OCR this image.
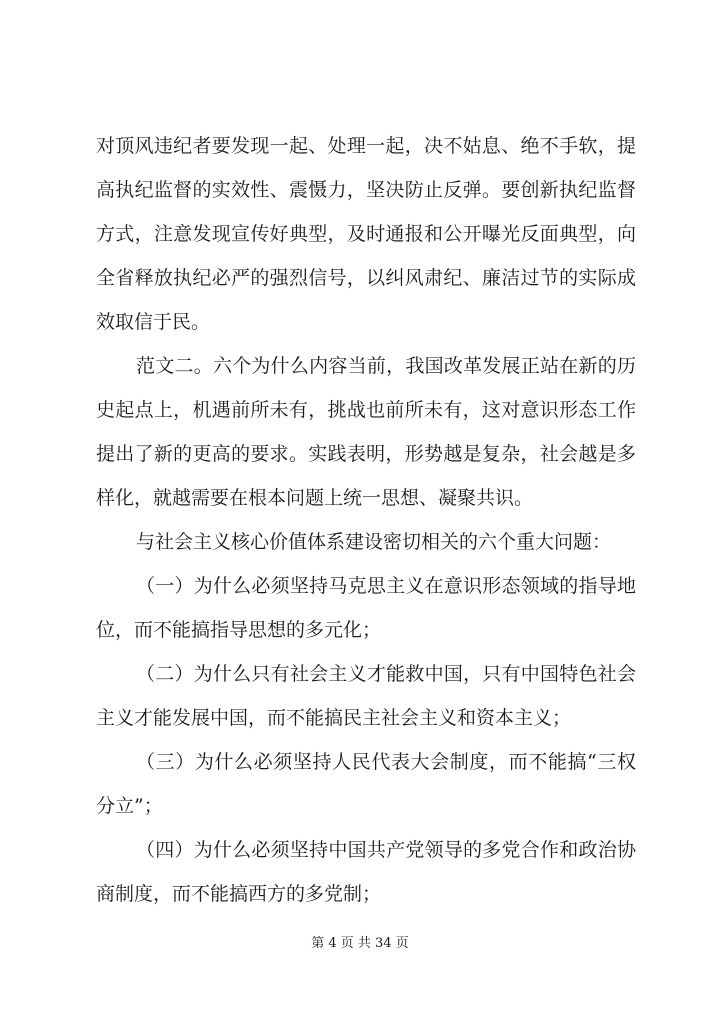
对顶风违纪者要发现一起、处理一起，决不姑息、绝不手软，提
高执纪监督的实效性、震慑力，坚决防止反弹。要创新执纪监督
方式，注意发现宣传好典型，及时通报和公开曝光反面典型，向
全省释放执纪必严的强烈信号，以纠风肃纪、廉洁过节的实际成
效取信于民。
范文二。六个为什么内容当前，我国改革发展正站在新的历
史起点上，机遇前所未有，挑战也前所未有，这对意识形态工作
提出了新的更高的要求。实践表明，形势越是复杂，社会越是多
样化，就越需要在根本问题上统一思想、凝聚共识。
与社会主义核心价值体系建设密切相关的六个重大问题：
（一）为什么必须坚持马克思主义在意识形态领域的指导地
位，而不能搞指导思想的多元化；
（二）为什么只有社会主义才能救中国，只有中国特色社会
主义才能发展中国，而不能搞民主社会主义和资本主义；
（三）为什么必须坚持人民代表大会制度，而不能搞“三权
分立”；
（四）为什么必须坚持中国共产党领导的多党合作和政治协
商制度，而不能搞西方的多党制；
第 4 页 共 34 页
